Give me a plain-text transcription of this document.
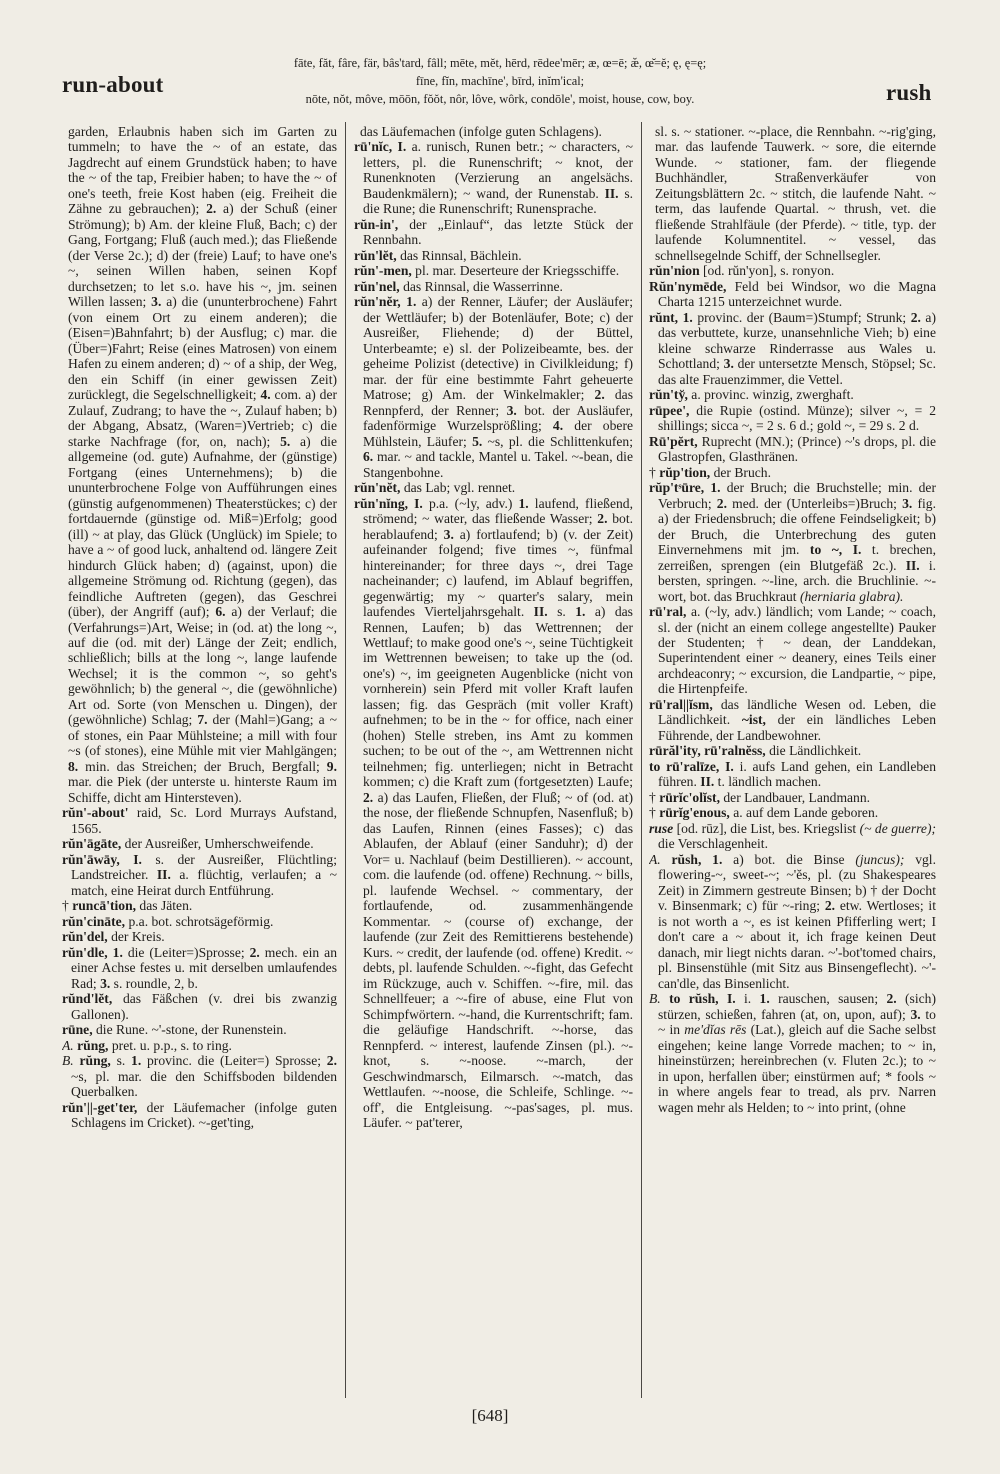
run-about
fāte, făt, fâre, fär, bâs'tard, fâll; mēte, mĕt, hērd, rēdee'mēr; æ, œ=ē; æ̆, œ̆=ĕ; ę, ę=ę;
fīne, fĭn, machīne', bīrd, inĭm'ical;
nōte, nŏt, môve, mōōn, fŏŏt, nôr, lôve, wôrk, condōle', moist, house, cow, boy.	rush

garden, Erlaubnis haben sich im Garten zu tummeln; to have the ~ of an estate, das Jagdrecht auf einem Grundstück haben; to have the ~ of the tap, Freibier haben; to have the ~ of one's teeth, freie Kost haben (eig. Freiheit die Zähne zu gebrauchen); 2. a) der Schuß (einer Strömung); b) Am. der kleine Fluß, Bach; c) der Gang, Fortgang; Fluß (auch med.); das Fließende (der Verse 2c.); d) der (freie) Lauf; to have one's ~, seinen Willen haben, seinen Kopf durchsetzen; to let s.o. have his ~, jm. seinen Willen lassen; 3. a) die (ununterbrochene) Fahrt (von einem Ort zu einem anderen); die (Eisen=)Bahnfahrt; b) der Ausflug; c) mar. die (Über=)Fahrt; Reise (eines Matrosen) von einem Hafen zu einem anderen; d) ~ of a ship, der Weg, den ein Schiff (in einer gewissen Zeit) zurücklegt, die Segelschnelligkeit; 4. com. a) der Zulauf, Zudrang; to have the ~, Zulauf haben; b) der Abgang, Absatz, (Waren=)Vertrieb; c) die starke Nachfrage (for, on, nach); 5. a) die allgemeine (od. gute) Aufnahme, der (günstige) Fortgang (eines Unternehmens); b) die ununterbrochene Folge von Aufführungen eines (günstig aufgenommenen) Theaterstückes; c) der fortdauernde (günstige od. Miß=)Erfolg; good (ill) ~ at play, das Glück (Unglück) im Spiele; to have a ~ of good luck, anhaltend od. längere Zeit hindurch Glück haben; d) (against, upon) die allgemeine Strömung od. Richtung (gegen), das feindliche Auftreten (gegen), das Geschrei (über), der Angriff (auf); 6. a) der Verlauf; die (Verfahrungs=)Art, Weise; in (od. at) the long ~, auf die (od. mit der) Länge der Zeit; endlich, schließlich; bills at the long ~, lange laufende Wechsel; it is the common ~, so geht's gewöhnlich; b) the general ~, die (gewöhnliche) Art od. Sorte (von Menschen u. Dingen), der (gewöhnliche) Schlag; 7. der (Mahl=)Gang; a ~ of stones, ein Paar Mühlsteine; a mill with four ~s (of stones), eine Mühle mit vier Mahlgängen; 8. min. das Streichen; der Bruch, Bergfall; 9. mar. die Piek (der unterste u. hinterste Raum im Schiffe, dicht am Hintersteven).

rŭn'-about' raid, Sc. Lord Murrays Aufstand, 1565.

rŭn'āgāte, der Ausreißer, Umherschweifende.

rŭn'āwāy, I. s. der Ausreißer, Flüchtling; Landstreicher. II. a. flüchtig, verlaufen; a ~ match, eine Heirat durch Entführung.

† runcā'tion, das Jäten.

rŭn'cināte, p.a. bot. schrotsägeförmig.

rŭn'del, der Kreis.

rŭn'dle, 1. die (Leiter=)Sprosse; 2. mech. ein an einer Achse festes u. mit derselben umlaufendes Rad; 3. s. roundle, 2, b.

rŭnd'lĕt, das Fäßchen (v. drei bis zwanzig Gallonen).

rūne, die Rune. ~'-stone, der Runenstein.

A. rŭng, pret. u. p.p., s. to ring.

B. rŭng, s. 1. provinc. die (Leiter=) Sprosse; 2. ~s, pl. mar. die den Schiffsboden bildenden Querbalken.

rŭn'||-get'ter, der Läufemacher (infolge guten Schlagens im Cricket). ~-get'ting,

das Läufemachen (infolge guten Schlagens).

rū'nĭc, I. a. runisch, Runen betr.; ~ characters, ~ letters, pl. die Runenschrift; ~ knot, der Runenknoten (Verzierung an angelsächs. Baudenkmälern); ~ wand, der Runenstab. II. s. die Rune; die Runenschrift; Runensprache.

rŭn-in', der „Einlauf“, das letzte Stück der Rennbahn.

rŭn'lĕt, das Rinnsal, Bächlein.

rŭn'-men, pl. mar. Deserteure der Kriegsschiffe.

rŭn'nel, das Rinnsal, die Wasserrinne.

rŭn'nĕr, 1. a) der Renner, Läufer; der Ausläufer; der Wettläufer; b) der Botenläufer, Bote; c) der Ausreißer, Fliehende; d) der Büttel, Unterbeamte; e) sl. der Polizeibeamte, bes. der geheime Polizist (detective) in Civilkleidung; f) mar. der für eine bestimmte Fahrt geheuerte Matrose; g) Am. der Winkelmakler; 2. das Rennpferd, der Renner; 3. bot. der Ausläufer, fadenförmige Wurzelsprößling; 4. der obere Mühlstein, Läufer; 5. ~s, pl. die Schlittenkufen; 6. mar. ~ and tackle, Mantel u. Takel. ~-bean, die Stangenbohne.

rŭn'nĕt, das Lab; vgl. rennet.

rŭn'nĭng, I. p.a. (~ly, adv.) 1. laufend, fließend, strömend; ~ water, das fließende Wasser; 2. bot. herablaufend; 3. a) fortlaufend; b) (v. der Zeit) aufeinander folgend; five times ~, fünfmal hintereinander; for three days ~, drei Tage nacheinander; c) laufend, im Ablauf begriffen, gegenwärtig; my ~ quarter's salary, mein laufendes Vierteljahrsgehalt. II. s. 1. a) das Rennen, Laufen; b) das Wettrennen; der Wettlauf; to make good one's ~, seine Tüchtigkeit im Wettrennen beweisen; to take up the (od. one's) ~, im geeigneten Augenblicke (nicht von vornherein) sein Pferd mit voller Kraft laufen lassen; fig. das Gespräch (mit voller Kraft) aufnehmen; to be in the ~ for office, nach einer (hohen) Stelle streben, ins Amt zu kommen suchen; to be out of the ~, am Wettrennen nicht teilnehmen; fig. unterliegen; nicht in Betracht kommen; c) die Kraft zum (fortgesetzten) Laufe; 2. a) das Laufen, Fließen, der Fluß; ~ of (od. at) the nose, der fließende Schnupfen, Nasenfluß; b) das Laufen, Rinnen (eines Fasses); c) das Ablaufen, der Ablauf (einer Sanduhr); d) der Vor= u. Nachlauf (beim Destillieren). ~ account, com. die laufende (od. offene) Rechnung. ~ bills, pl. laufende Wechsel. ~ commentary, der fortlaufende, od. zusammenhängende Kommentar. ~ (course of) exchange, der laufende (zur Zeit des Remittierens bestehende) Kurs. ~ credit, der laufende (od. offene) Kredit. ~ debts, pl. laufende Schulden. ~-fight, das Gefecht im Rückzuge, auch v. Schiffen. ~-fire, mil. das Schnellfeuer; a ~-fire of abuse, eine Flut von Schimpfwörtern. ~-hand, die Kurrentschrift; fam. die geläufige Handschrift. ~-horse, das Rennpferd. ~ interest, laufende Zinsen (pl.). ~-knot, s. ~-noose. ~-march, der Geschwindmarsch, Eilmarsch. ~-match, das Wettlaufen. ~-noose, die Schleife, Schlinge. ~-off', die Entgleisung. ~-pas'sages, pl. mus. Läufer. ~ pat'terer,

sl. s. ~ stationer. ~-place, die Rennbahn. ~-rig'ging, mar. das laufende Tauwerk. ~ sore, die eiternde Wunde. ~ stationer, fam. der fliegende Buchhändler, Straßenverkäufer von Zeitungsblättern 2c. ~ stitch, die laufende Naht. ~ term, das laufende Quartal. ~ thrush, vet. die fließende Strahlfäule (der Pferde). ~ title, typ. der laufende Kolumnentitel. ~ vessel, das schnellsegelnde Schiff, der Schnellsegler.

rŭn'nion [od. rŭn'yon], s. ronyon.

Rŭn'nymēde, Feld bei Windsor, wo die Magna Charta 1215 unterzeichnet wurde.

rŭnt, 1. provinc. der (Baum=)Stumpf; Strunk; 2. a) das verbuttete, kurze, unansehnliche Vieh; b) eine kleine schwarze Rinderrasse aus Wales u. Schottland; 3. der untersetzte Mensch, Stöpsel; Sc. das alte Frauenzimmer, die Vettel.

rŭn'ty̆, a. provinc. winzig, zwerghaft.

rūpee', die Rupie (ostind. Münze); silver ~, = 2 shillings; sicca ~, = 2 s. 6 d.; gold ~, = 29 s. 2 d.

Rū'pĕrt, Ruprecht (MN.); (Prince) ~'s drops, pl. die Glastropfen, Glasthränen.

† rŭp'tion, der Bruch.

rŭp'tˢūre, 1. der Bruch; die Bruchstelle; min. der Verbruch; 2. med. der (Unterleibs=)Bruch; 3. fig. a) der Friedensbruch; die offene Feindseligkeit; b) der Bruch, die Unterbrechung des guten Einvernehmens mit jm. to ~, I. t. brechen, zerreißen, sprengen (ein Blutgefäß 2c.). II. i. bersten, springen. ~-line, arch. die Bruchlinie. ~-wort, bot. das Bruchkraut (herniaria glabra).

rū'ral, a. (~ly, adv.) ländlich; vom Lande; ~ coach, sl. der (nicht an einem college angestellte) Pauker der Studenten; † ~ dean, der Landdekan, Superintendent einer ~ deanery, eines Teils einer archdeaconry; ~ excursion, die Landpartie, ~ pipe, die Hirtenpfeife.

rū'ral||ĭsm, das ländliche Wesen od. Leben, die Ländlichkeit. ~ist, der ein ländliches Leben Führende, der Landbewohner.

rūrăl'ity, rū'ralnĕss, die Ländlichkeit.

to rū'ralīze, I. i. aufs Land gehen, ein Landleben führen. II. t. ländlich machen.

† rūrĭc'olĭst, der Landbauer, Landmann.

† rūrĭg'enous, a. auf dem Lande geboren.

ruse [od. rūz], die List, bes. Kriegslist (~ de guerre); die Verschlagenheit.

A. rŭsh, 1. a) bot. die Binse (juncus); vgl. flowering-~, sweet-~; ~'ĕs, pl. (zu Shakespeares Zeit) in Zimmern gestreute Binsen; b) † der Docht v. Binsenmark; c) für ~-ring; 2. etw. Wertloses; it is not worth a ~, es ist keinen Pfifferling wert; I don't care a ~ about it, ich frage keinen Deut danach, mir liegt nichts daran. ~'-bot'tomed chairs, pl. Binsenstühle (mit Sitz aus Binsengeflecht). ~'-can'dle, das Binsenlicht.

B. to rŭsh, I. i. 1. rauschen, sausen; 2. (sich) stürzen, schießen, fahren (at, on, upon, auf); 3. to ~ in me'dĭas rēs (Lat.), gleich auf die Sache selbst eingehen; keine lange Vorrede machen; to ~ in, hineinstürzen; hereinbrechen (v. Fluten 2c.); to ~ in upon, herfallen über; einstürmen auf; * fools ~ in where angels fear to tread, als prv. Narren wagen mehr als Helden; to ~ into print, (ohne

[648]
